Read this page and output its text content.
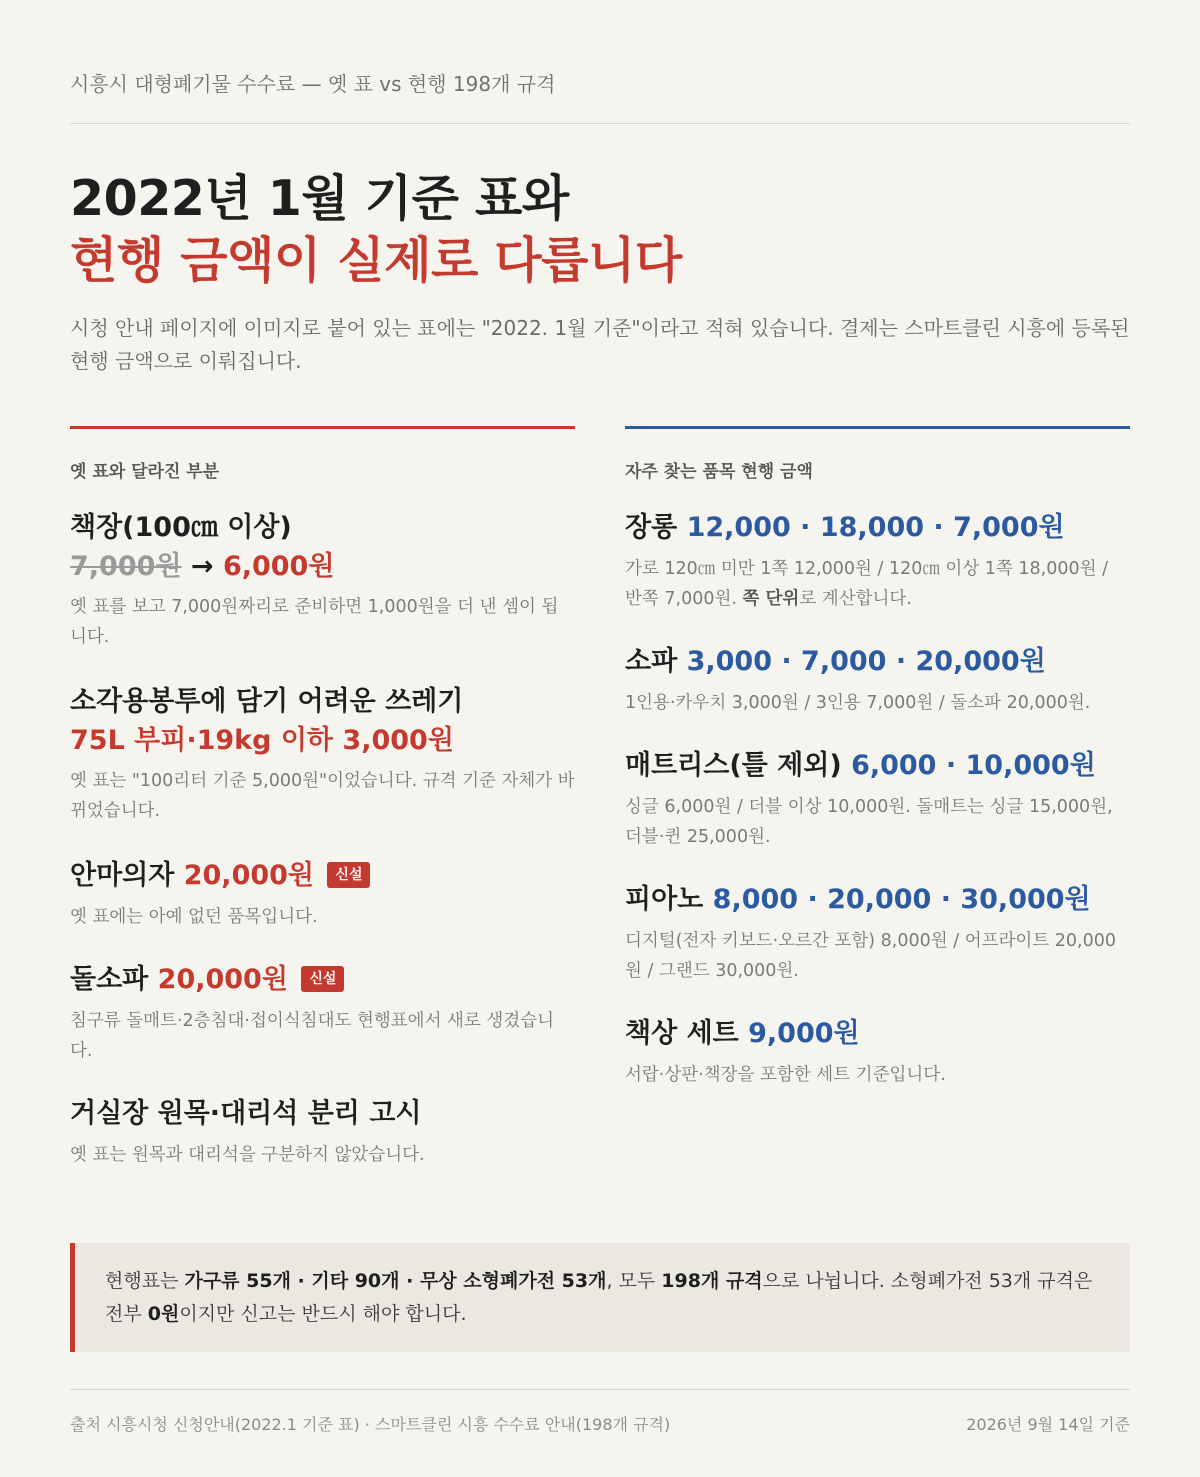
시흥시 대형폐기물 수수료 — 옛 표 vs 현행 198개 규격
2022년 1월 기준 표와
현행 금액이 실제로 다릅니다

시청 안내 페이지에 이미지로 붙어 있는 표에는 "2022. 1월 기준"이라고 적혀 있습니다. 결제는 스마트클린 시흥에 등록된 현행 금액으로 이뤄집니다.

옛 표와 달라진 부분
책장(100㎝ 이상)
7,000원 → 6,000원
옛 표를 보고 7,000원짜리로 준비하면 1,000원을 더 낸 셈이 됩니다.
소각용봉투에 담기 어려운 쓰레기
75L 부피·19kg 이하 3,000원
옛 표는 "100리터 기준 5,000원"이었습니다. 규격 기준 자체가 바뀌었습니다.
안마의자 20,000원 신설
옛 표에는 아예 없던 품목입니다.
돌소파 20,000원 신설
침구류 돌매트·2층침대·접이식침대도 현행표에서 새로 생겼습니다.
거실장 원목·대리석 분리 고시
옛 표는 원목과 대리석을 구분하지 않았습니다.
자주 찾는 품목 현행 금액
장롱 12,000 · 18,000 · 7,000원
가로 120㎝ 미만 1쪽 12,000원 / 120㎝ 이상 1쪽 18,000원 / 반쪽 7,000원. 쪽 단위로 계산합니다.
소파 3,000 · 7,000 · 20,000원
1인용·카우치 3,000원 / 3인용 7,000원 / 돌소파 20,000원.
매트리스(틀 제외) 6,000 · 10,000원
싱글 6,000원 / 더블 이상 10,000원. 돌매트는 싱글 15,000원, 더블·퀸 25,000원.
피아노 8,000 · 20,000 · 30,000원
디지털(전자 키보드·오르간 포함) 8,000원 / 어프라이트 20,000원 / 그랜드 30,000원.
책상 세트 9,000원
서랍·상판·책장을 포함한 세트 기준입니다.
현행표는 가구류 55개 · 기타 90개 · 무상 소형폐가전 53개, 모두 198개 규격으로 나뉩니다. 소형폐가전 53개 규격은 전부 0원이지만 신고는 반드시 해야 합니다.
출처 시흥시청 신청안내(2022.1 기준 표) · 스마트클린 시흥 수수료 안내(198개 규격)	2026년 9월 14일 기준
